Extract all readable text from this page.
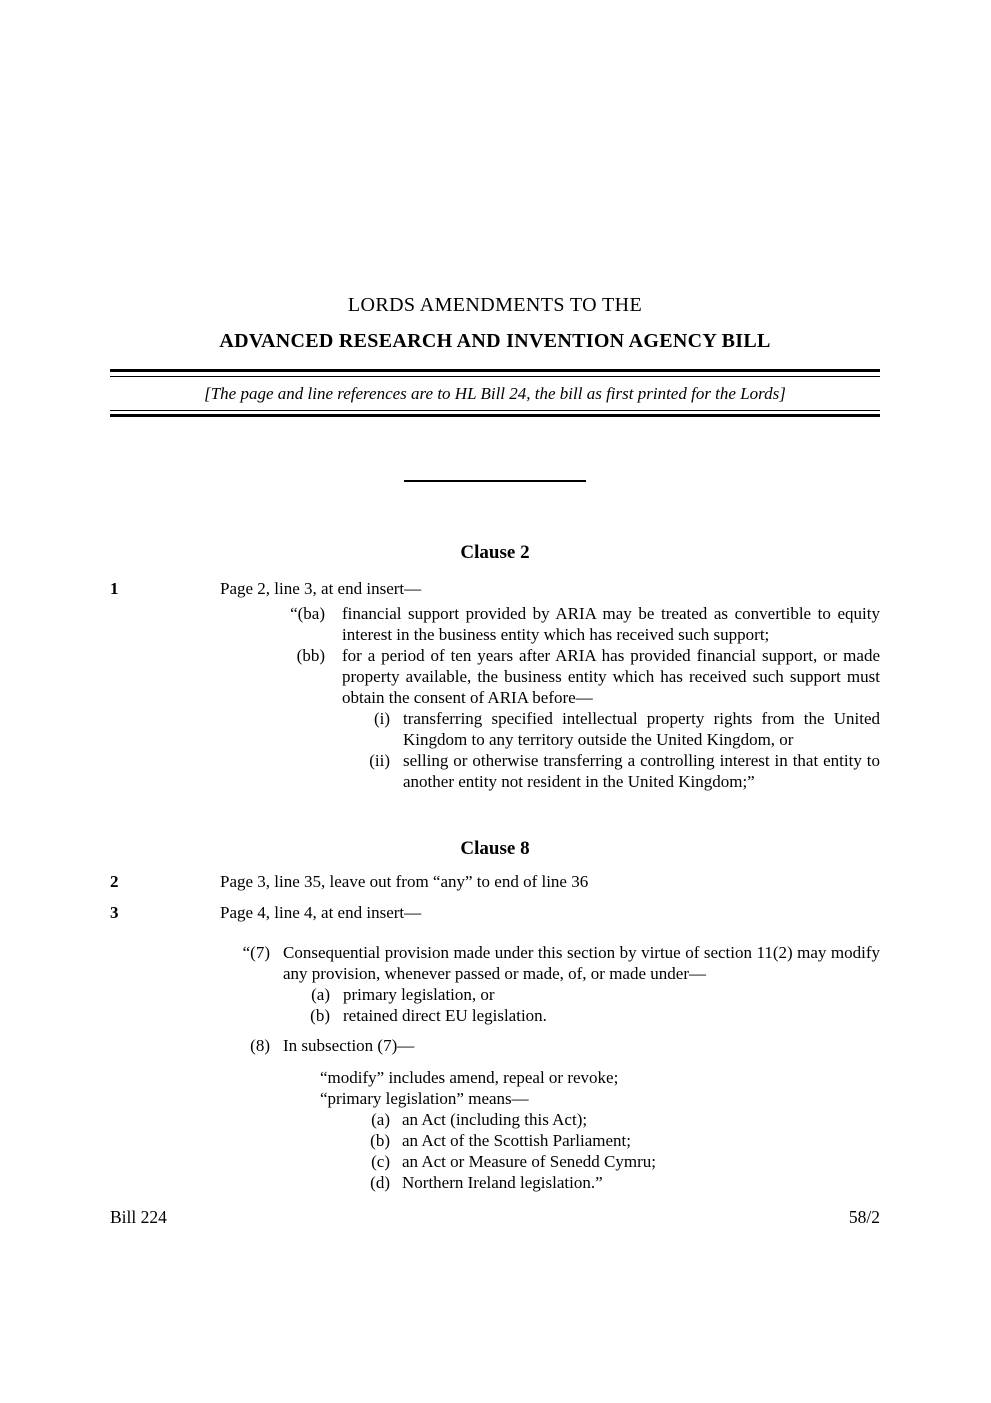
LORDS AMENDMENTS TO THE
ADVANCED RESEARCH AND INVENTION AGENCY BILL
[The page and line references are to HL Bill 24, the bill as first printed for the Lords]
Clause 2
1	Page 2, line 3, at end insert—

“(ba) financial support provided by ARIA may be treated as convertible to equity interest in the business entity which has received such support;
(bb) for a period of ten years after ARIA has provided financial support, or made property available, the business entity which has received such support must obtain the consent of ARIA before—
(i) transferring specified intellectual property rights from the United Kingdom to any territory outside the United Kingdom, or
(ii) selling or otherwise transferring a controlling interest in that entity to another entity not resident in the United Kingdom;”
Clause 8
2	Page 3, line 35, leave out from “any” to end of line 36

3	Page 4, line 4, at end insert—

“(7) Consequential provision made under this section by virtue of section 11(2) may modify any provision, whenever passed or made, of, or made under—
(a) primary legislation, or
(b) retained direct EU legislation.
(8) In subsection (7)—
“modify” includes amend, repeal or revoke;
“primary legislation” means—
(a) an Act (including this Act);
(b) an Act of the Scottish Parliament;
(c) an Act or Measure of Senedd Cymru;
(d) Northern Ireland legislation.”
Bill 224	58/2
